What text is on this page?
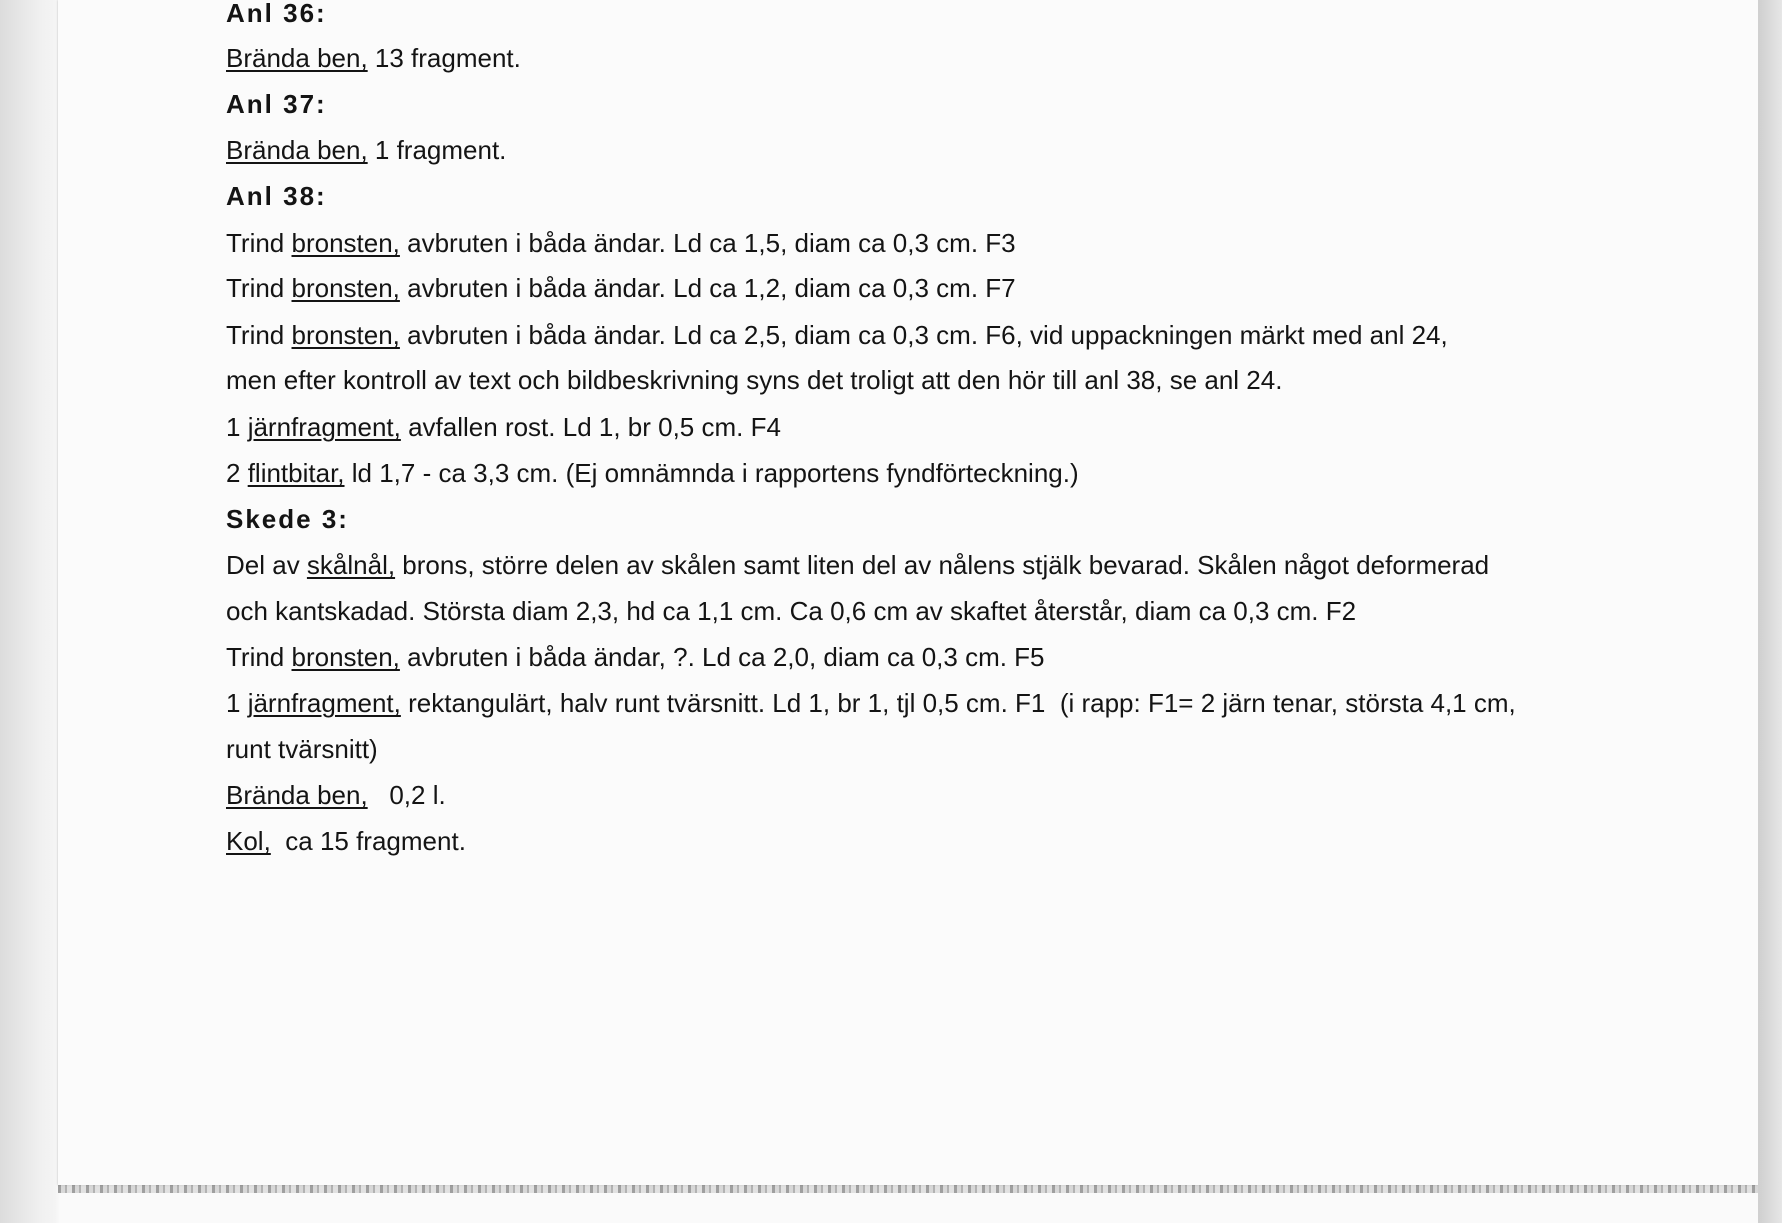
Anl 36:
Brända ben, 13 fragment.
Anl 37:
Brända ben, 1 fragment.
Anl 38:
Trind bronsten, avbruten i båda ändar. Ld ca 1,5, diam ca 0,3 cm. F3
Trind bronsten, avbruten i båda ändar. Ld ca 1,2, diam ca 0,3 cm. F7
Trind bronsten, avbruten i båda ändar. Ld ca 2,5, diam ca 0,3 cm. F6, vid uppackningen märkt med anl 24,
men efter kontroll av text och bildbeskrivning syns det troligt att den hör till anl 38, se anl 24.
1 järnfragment, avfallen rost. Ld 1, br 0,5 cm. F4
2 flintbitar, ld 1,7 - ca 3,3 cm. (Ej omnämnda i rapportens fyndförteckning.)
Skede 3:
Del av skålnål, brons, större delen av skålen samt liten del av nålens stjälk bevarad. Skålen något deformerad
och kantskadad. Största diam 2,3, hd ca 1,1 cm. Ca 0,6 cm av skaftet återstår, diam ca 0,3 cm. F2
Trind bronsten, avbruten i båda ändar, ?. Ld ca 2,0, diam ca 0,3 cm. F5
1 järnfragment, rektangulärt, halv runt tvärsnitt. Ld 1, br 1, tjl 0,5 cm. F1  (i rapp: F1= 2 järn tenar, största 4,1 cm,
runt tvärsnitt)
Brända ben,   0,2 l.
Kol,  ca 15 fragment.
